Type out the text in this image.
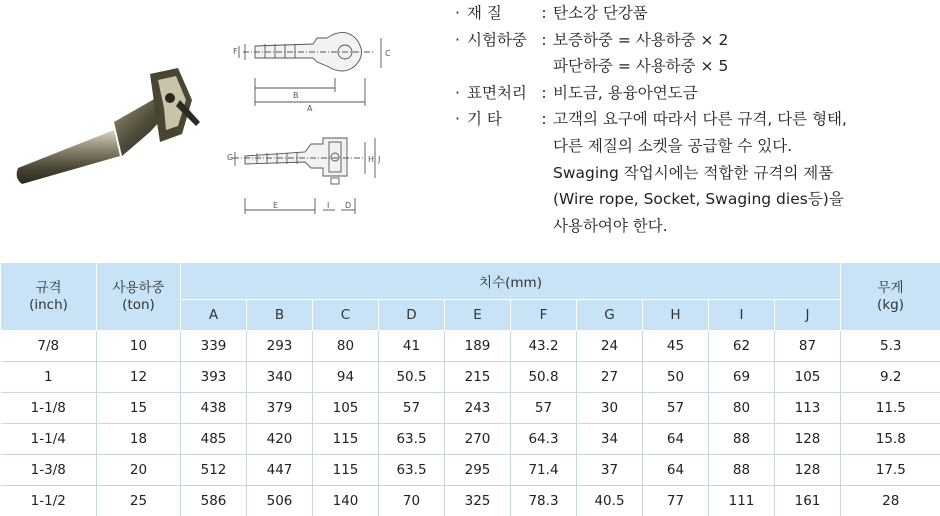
A
B
C
F
G
E	I D
H J
· 재 질	: 탄소강 단강품
· 시험하중 : 보증하중 = 사용하중 × 2
파단하중 = 사용하중 × 5
· 표면처리 : 비도금, 용융아연도금
· 기 타	: 고객의 요구에 따라서 다른 규격, 다른 형태,
다른 제질의 소켓을 공급할 수 있다.
Swaging 작업시에는 적합한 규격의 제품
(Wire rope, Socket, Swaging dies등)을
사용하여야 한다.
규격
(inch)	사용하중
(ton)	치수(mm)										무게
(kg)

		A	B	C	D	E	F	G	H	I	J	
7/8	10	339	293	80	41	189	43.2	24	45	62	87	5.3
1	12	393	340	94	50.5	215	50.8	27	50	69	105	9.2
1-1/8	15	438	379	105	57	243	57	30	57	80	113	11.5
1-1/4	18	485	420	115	63.5	270	64.3	34	64	88	128	15.8
1-3/8	20	512	447	115	63.5	295	71.4	37	64	88	128	17.5
1-1/2	25	586	506	140	70	325	78.3	40.5	77	111	161	28
